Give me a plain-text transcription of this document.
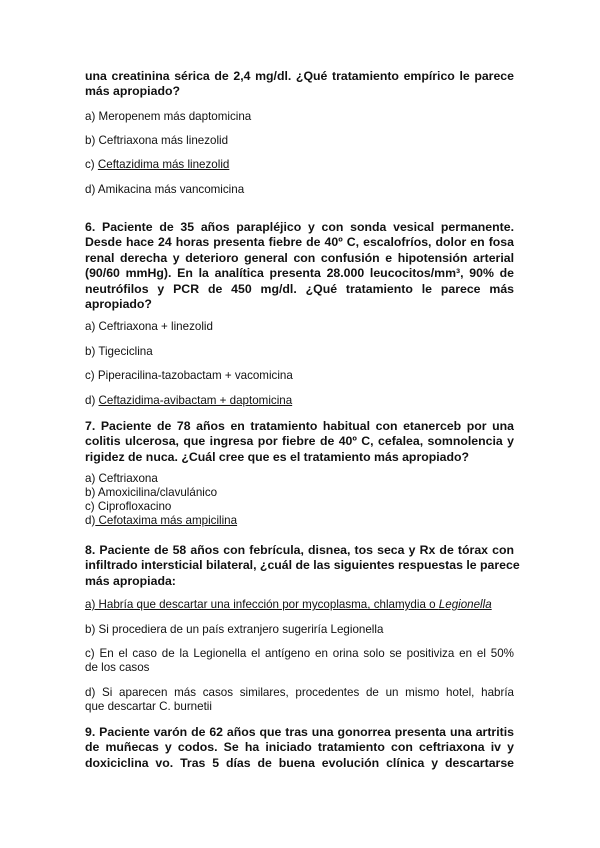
una creatinina sérica de 2,4 mg/dl. ¿Qué tratamiento empírico le parece
más apropiado?
a) Meropenem más daptomicina
b) Ceftriaxona más linezolid
c) Ceftazidima más linezolid
d) Amikacina más vancomicina
6. Paciente de 35 años parapléjico y con sonda vesical permanente.
Desde hace 24 horas presenta fiebre de 40º C, escalofríos, dolor en fosa
renal derecha y deterioro general con confusión e hipotensión arterial
(90/60 mmHg). En la analítica presenta 28.000 leucocitos/mm³, 90% de
neutrófilos y PCR de 450 mg/dl. ¿Qué tratamiento le parece más
apropiado?
a) Ceftriaxona + linezolid
b) Tigeciclina
c) Piperacilina-tazobactam + vacomicina
d) Ceftazidima-avibactam + daptomicina
7. Paciente de 78 años en tratamiento habitual con etanerceb por una
colitis ulcerosa, que ingresa por fiebre de 40º C, cefalea, somnolencia y
rigidez de nuca. ¿Cuál cree que es el tratamiento más apropiado?
a) Ceftriaxona
b) Amoxicilina/clavulánico
c) Ciprofloxacino
d) Cefotaxima más ampicilina
8. Paciente de 58 años con febrícula, disnea, tos seca y Rx de tórax con
infiltrado intersticial bilateral, ¿cuál de las siguientes respuestas le parece
más apropiada:
a) Habría que descartar una infección por mycoplasma, chlamydia o Legionella
b) Si procediera de un país extranjero sugeriría Legionella
c) En el caso de la Legionella el antígeno en orina solo se positiviza en el 50%
de los casos
d) Si aparecen más casos similares, procedentes de un mismo hotel, habría
que descartar C. burnetii
9. Paciente varón de 62 años que tras una gonorrea presenta una artritis
de muñecas y codos. Se ha iniciado tratamiento con ceftriaxona iv y
doxiciclina vo. Tras 5 días de buena evolución clínica y descartarse
